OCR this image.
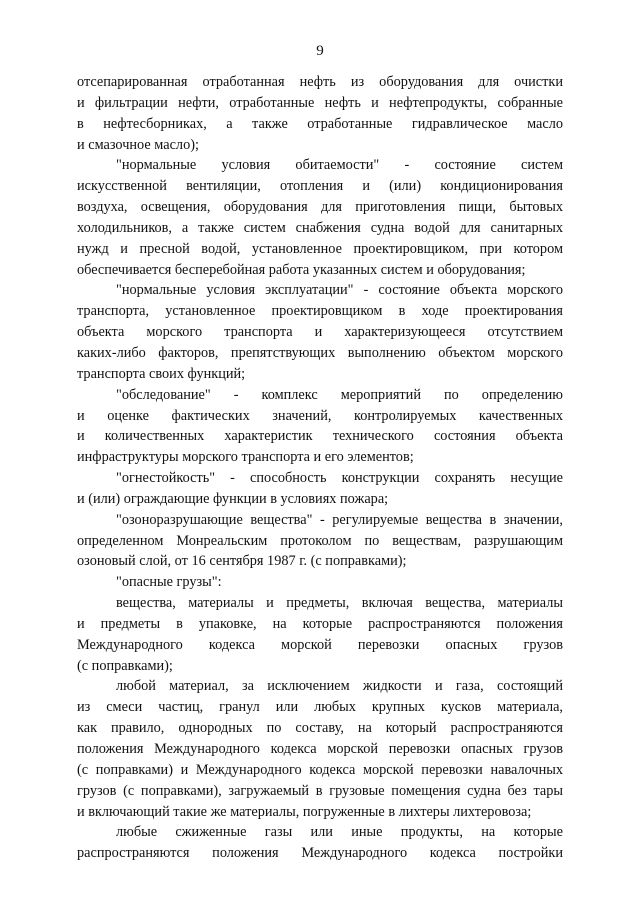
9
отсепарированная отработанная нефть из оборудования для очистки
и фильтрации нефти, отработанные нефть и нефтепродукты, собранные
в нефтесборниках, а также отработанные гидравлическое масло
и смазочное масло);
"нормальные условия обитаемости" - состояние систем
искусственной вентиляции, отопления и (или) кондиционирования
воздуха, освещения, оборудования для приготовления пищи, бытовых
холодильников, а также систем снабжения судна водой для санитарных
нужд и пресной водой, установленное проектировщиком, при котором
обеспечивается бесперебойная работа указанных систем и оборудования;
"нормальные условия эксплуатации" - состояние объекта морского
транспорта, установленное проектировщиком в ходе проектирования
объекта морского транспорта и характеризующееся отсутствием
каких-либо факторов, препятствующих выполнению объектом морского
транспорта своих функций;
"обследование" - комплекс мероприятий по определению
и оценке фактических значений, контролируемых качественных
и количественных характеристик технического состояния объекта
инфраструктуры морского транспорта и его элементов;
"огнестойкость" - способность конструкции сохранять несущие
и (или) ограждающие функции в условиях пожара;
"озоноразрушающие вещества" - регулируемые вещества в значении,
определенном Монреальским протоколом по веществам, разрушающим
озоновый слой, от 16 сентября 1987 г. (с поправками);
"опасные грузы":
вещества, материалы и предметы, включая вещества, материалы
и предметы в упаковке, на которые распространяются положения
Международного кодекса морской перевозки опасных грузов
(с поправками);
любой материал, за исключением жидкости и газа, состоящий
из смеси частиц, гранул или любых крупных кусков материала,
как правило, однородных по составу, на который распространяются
положения Международного кодекса морской перевозки опасных грузов
(с поправками) и Международного кодекса морской перевозки навалочных
грузов (с поправками), загружаемый в грузовые помещения судна без тары
и включающий такие же материалы, погруженные в лихтеры лихтеровоза;
любые сжиженные газы или иные продукты, на которые
распространяются положения Международного кодекса постройки
